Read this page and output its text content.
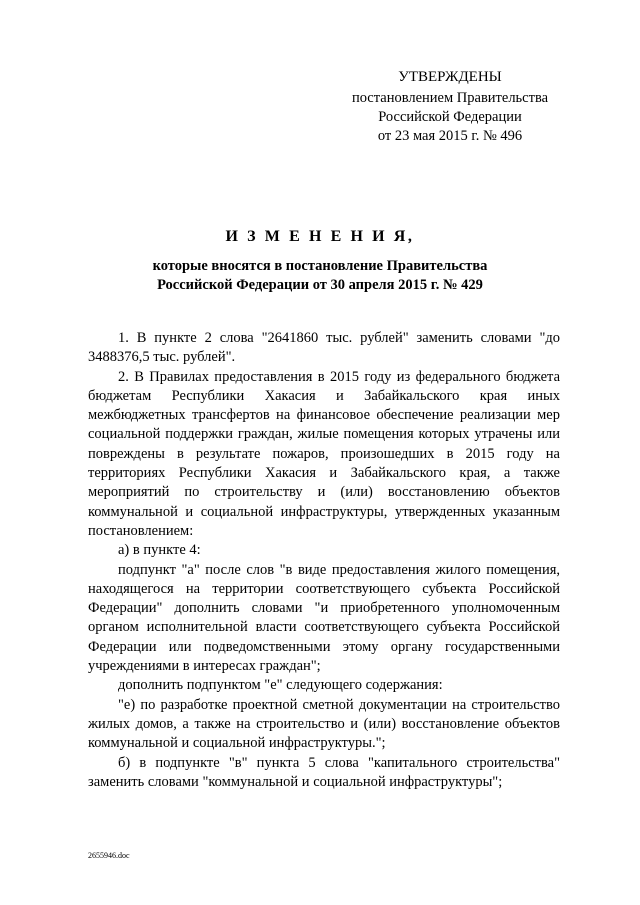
УТВЕРЖДЕНЫ
постановлением Правительства
Российской Федерации
от 23 мая 2015 г. № 496
И З М Е Н Е Н И Я,
которые вносятся в постановление Правительства
Российской Федерации от 30 апреля 2015 г. № 429

1. В пункте 2 слова "2641860 тыс. рублей" заменить словами "до 3488376,5 тыс. рублей".

2. В Правилах предоставления в 2015 году из федерального бюджета бюджетам Республики Хакасия и Забайкальского края иных межбюджетных трансфертов на финансовое обеспечение реализации мер социальной поддержки граждан, жилые помещения которых утрачены или повреждены в результате пожаров, произошедших в 2015 году на территориях Республики Хакасия и Забайкальского края, а также мероприятий по строительству и (или) восстановлению объектов коммунальной и социальной инфраструктуры, утвержденных указанным постановлением:

а) в пункте 4:

подпункт "а" после слов "в виде предоставления жилого помещения, находящегося на территории соответствующего субъекта Российской Федерации" дополнить словами "и приобретенного уполномоченным органом исполнительной власти соответствующего субъекта Российской Федерации или подведомственными этому органу государственными учреждениями в интересах граждан";

дополнить подпунктом "е" следующего содержания:

"е) по разработке проектной сметной документации на строительство жилых домов, а также на строительство и (или) восстановление объектов коммунальной и социальной инфраструктуры.";

б) в подпункте "в" пункта 5 слова "капитального строительства" заменить словами "коммунальной и социальной инфраструктуры";

2655946.doc
